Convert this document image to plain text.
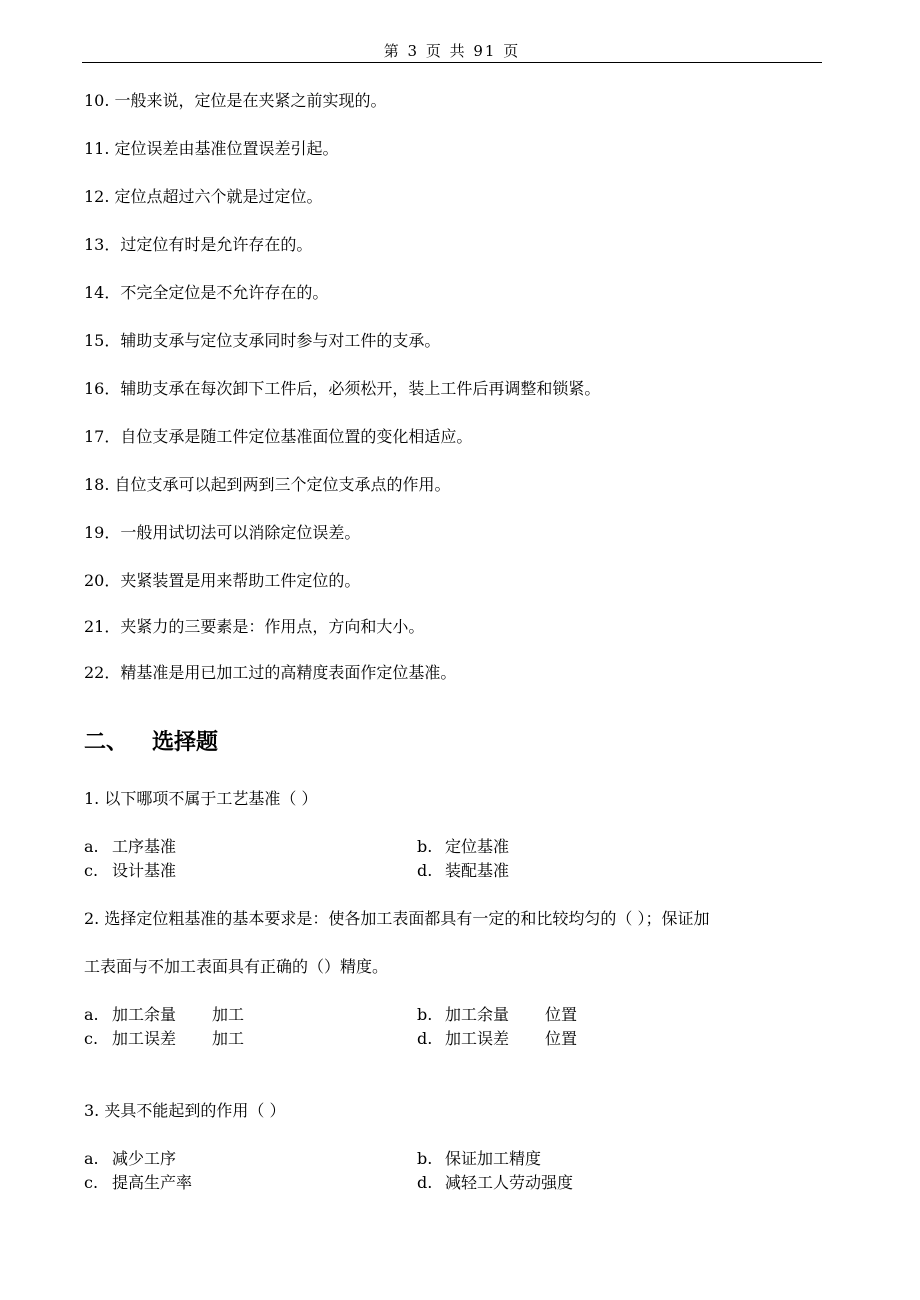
第 3 页 共 91 页
10. 一般来说，定位是在夹紧之前实现的。
11. 定位误差由基准位置误差引起。
12. 定位点超过六个就是过定位。
13．过定位有时是允许存在的。
14．不完全定位是不允许存在的。
15．辅助支承与定位支承同时参与对工件的支承。
16．辅助支承在每次卸下工件后，必须松开，装上工件后再调整和锁紧。
17．自位支承是随工件定位基准面位置的变化相适应。
18. 自位支承可以起到两到三个定位支承点的作用。
19．一般用试切法可以消除定位误差。
20．夹紧装置是用来帮助工件定位的。
21．夹紧力的三要素是：作用点，方向和大小。
22．精基准是用已加工过的高精度表面作定位基准。
二、 选择题
1. 以下哪项不属于工艺基准（ ）
a. 工序基准	b. 定位基准
c. 设计基准	d. 装配基准
2. 选择定位粗基准的基本要求是：使各加工表面都具有一定的和比较均匀的（ ）；保证加
工表面与不加工表面具有正确的（）精度。
a. 加工余量 加工	b. 加工余量 位置
c. 加工误差 加工	d. 加工误差 位置
3. 夹具不能起到的作用（ ）
a. 减少工序	b. 保证加工精度
c. 提高生产率	d. 减轻工人劳动强度
